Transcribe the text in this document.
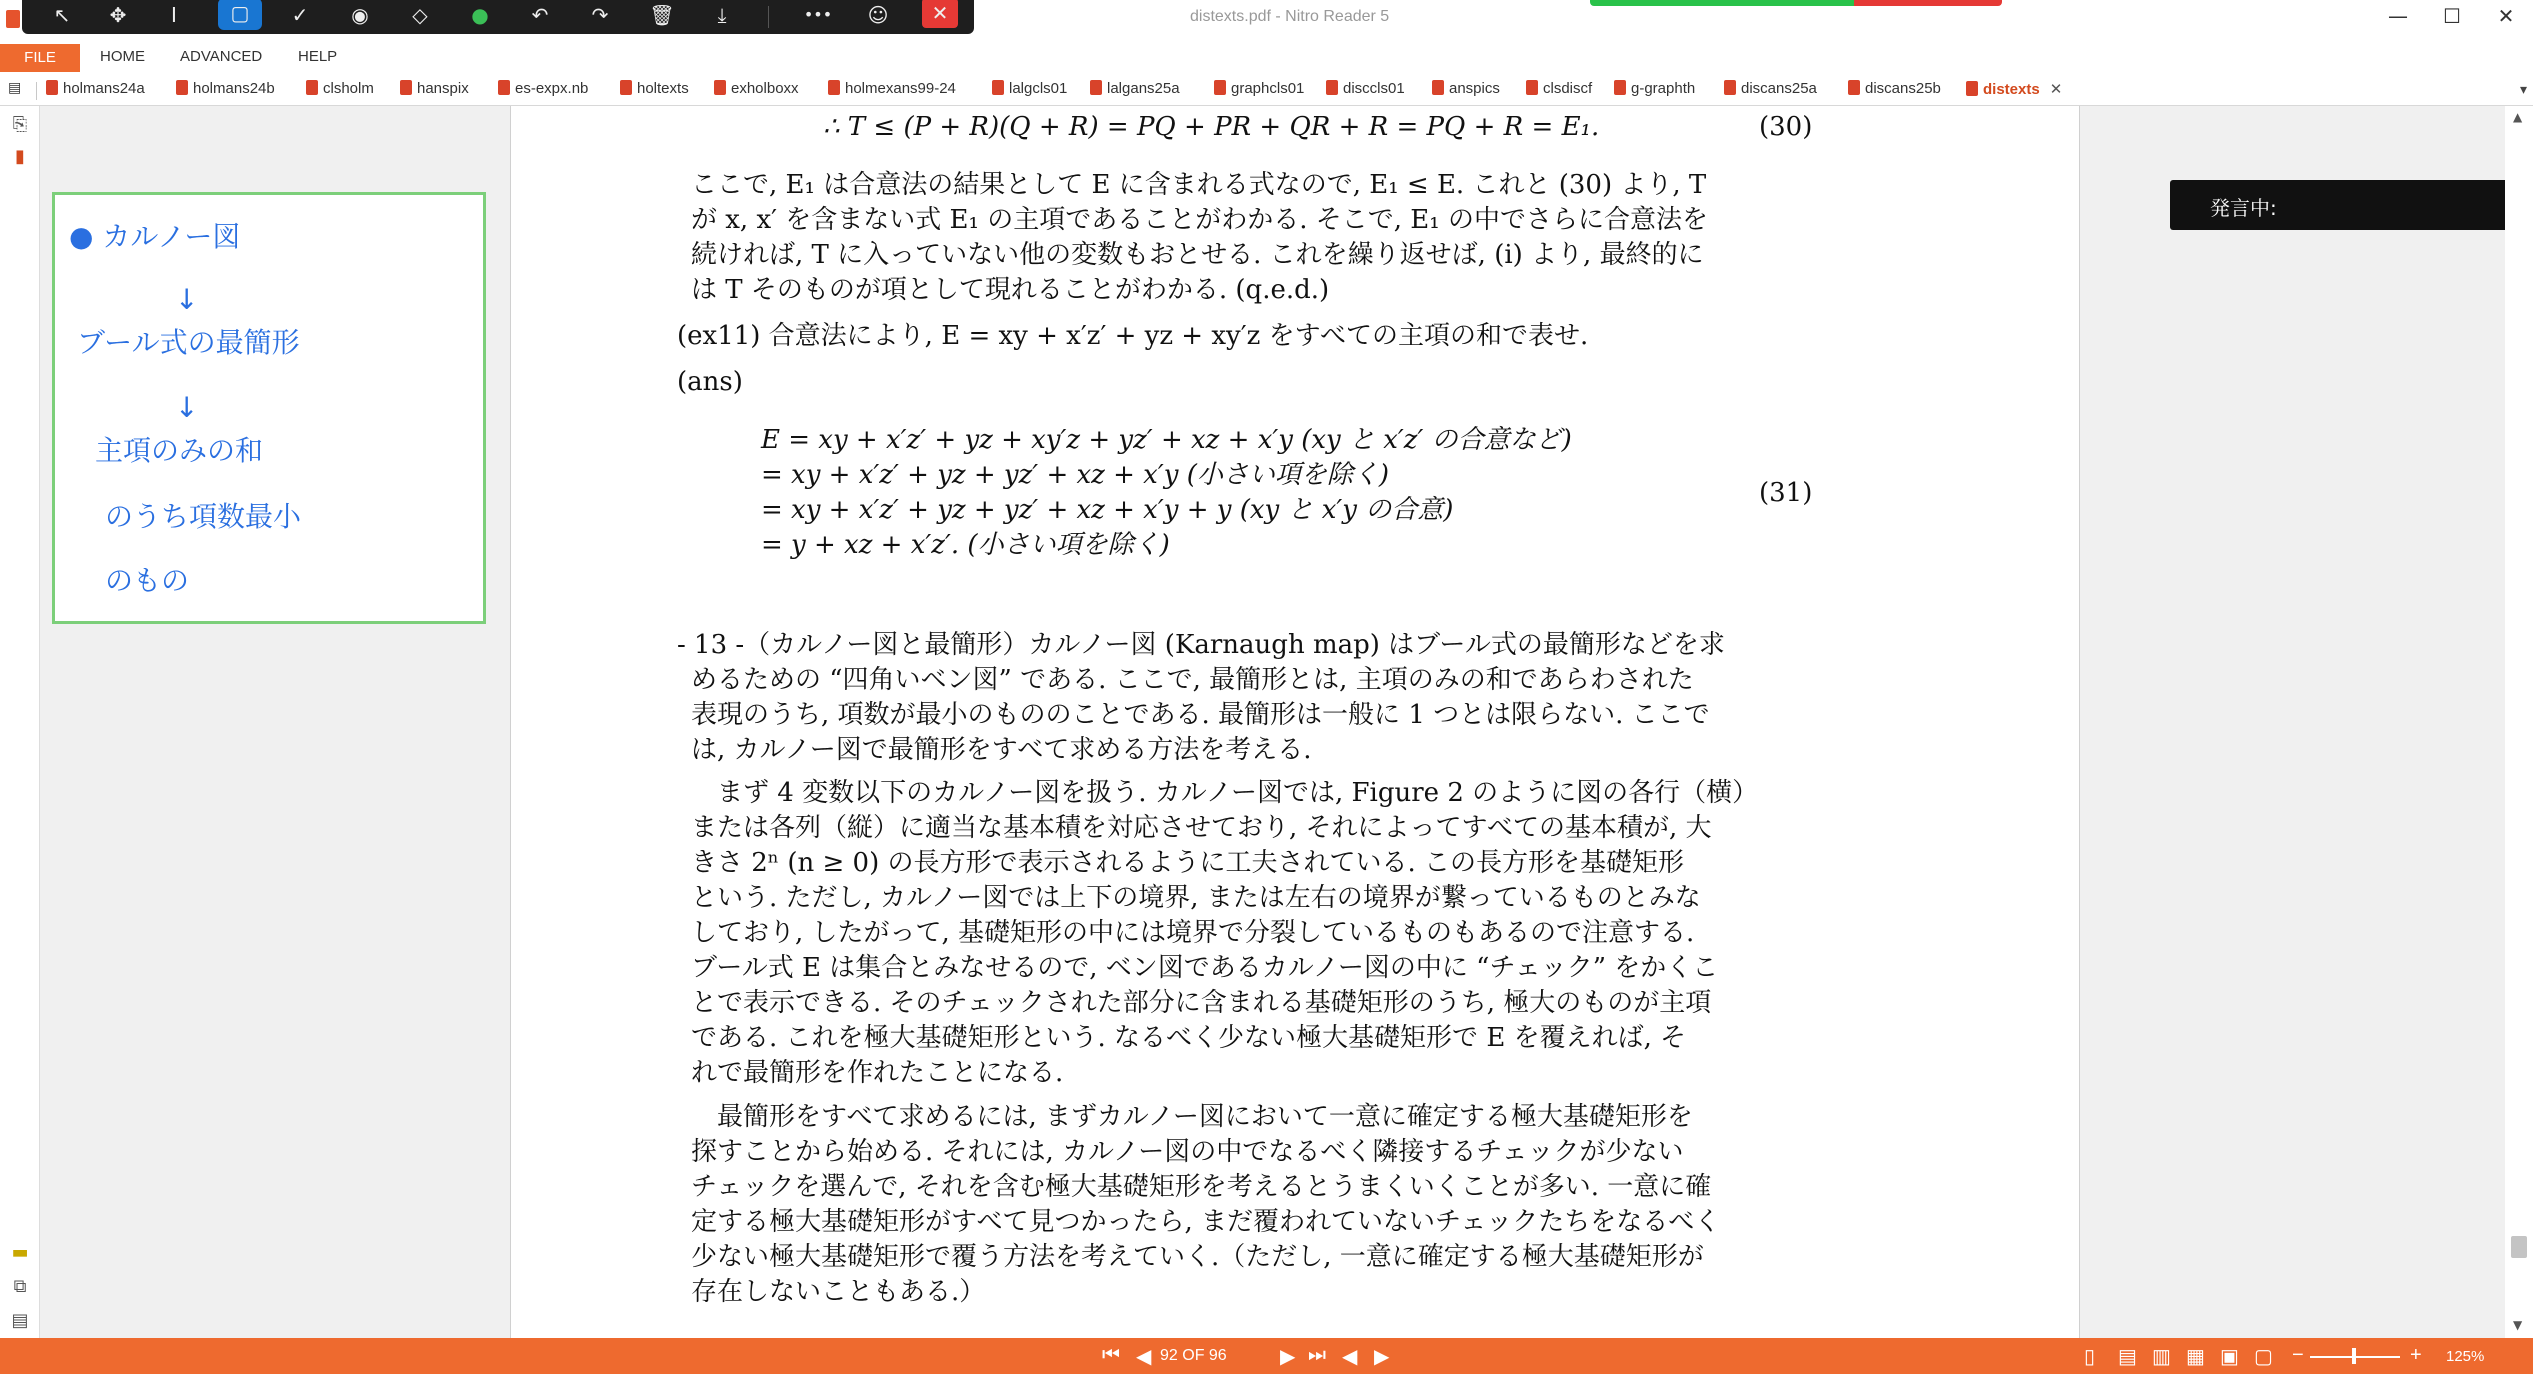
distexts.pdf - Nitro Reader 5	—	☐	✕
↖	✥	I	▢	✓	◉	◇	●	↶	↷	🗑	⤓	•••	☺	✕
FILE	HOME ADVANCED HELP
▤	holmans24a	holmans24b	clsholm	hanspix	es-expx.nb	holtexts	exholboxx	holmexans99-24	lalgcls01	lalgans25a	graphcls01	disccls01	anspics	clsdiscf	g-graphth	discans25a	discans25b	distexts ✕	▾
⎘
▮
▬
⧉
▤
∴ T ≤ (P + R)(Q + R) = PQ + PR + QR + R = PQ + R = E₁.	(30)
ここで, E₁ は合意法の結果として E に含まれる式なので, E₁ ≤ E. これと (30) より, T
が x, x′ を含まない式 E₁ の主項であることがわかる. そこで, E₁ の中でさらに合意法を
続ければ, T に入っていない他の変数もおとせる. これを繰り返せば, (i) より, 最終的に
は T そのものが項として現れることがわかる. (q.e.d.)
(ex11) 合意法により, E = xy + x′z′ + yz + xy′z をすべての主項の和で表せ.
(ans)
E = xy + x′z′ + yz + xy′z + yz′ + xz + x′y (xy と x′z′ の合意など)
= xy + x′z′ + yz + yz′ + xz + x′y (小さい項を除く)
= xy + x′z′ + yz + yz′ + xz + x′y + y (xy と x′y の合意)
= y + xz + x′z′. (小さい項を除く)
(31)
- 13 -（カルノー図と最簡形）カルノー図 (Karnaugh map) はブール式の最簡形などを求
めるための “四角いベン図” である. ここで, 最簡形とは, 主項のみの和であらわされた
表現のうち, 項数が最小のもののことである. 最簡形は一般に 1 つとは限らない. ここで
は, カルノー図で最簡形をすべて求める方法を考える.
　まず 4 変数以下のカルノー図を扱う. カルノー図では, Figure 2 のように図の各行（横）
または各列（縦）に適当な基本積を対応させており, それによってすべての基本積が, 大
きさ 2ⁿ (n ≥ 0) の長方形で表示されるように工夫されている. この長方形を基礎矩形
という. ただし, カルノー図では上下の境界, または左右の境界が繋っているものとみな
しており, したがって, 基礎矩形の中には境界で分裂しているものもあるので注意する.
ブール式 E は集合とみなせるので, ベン図であるカルノー図の中に “チェック” をかくこ
とで表示できる. そのチェックされた部分に含まれる基礎矩形のうち, 極大のものが主項
である. これを極大基礎矩形という. なるべく少ない極大基礎矩形で E を覆えれば, そ
れで最簡形を作れたことになる.
　最簡形をすべて求めるには, まずカルノー図において一意に確定する極大基礎矩形を
探すことから始める. それには, カルノー図の中でなるべく隣接するチェックが少ない
チェックを選んで, それを含む極大基礎矩形を考えるとうまくいくことが多い. 一意に確
定する極大基礎矩形がすべて見つかったら, まだ覆われていないチェックたちをなるべく
少ない極大基礎矩形で覆う方法を考えていく.（ただし, 一意に確定する極大基礎矩形が
存在しないこともある.）
● カルノー図
↓
ブール式の最簡形
↓
主項のみの和
のうち項数最小
のもの
発言中:
▲
▼
⏮ ◀ 92 OF 96	▶ ⏭ ◀ ▶	▯ ▤ ▥ ▦ ▣ ▢ −	+ 125%
